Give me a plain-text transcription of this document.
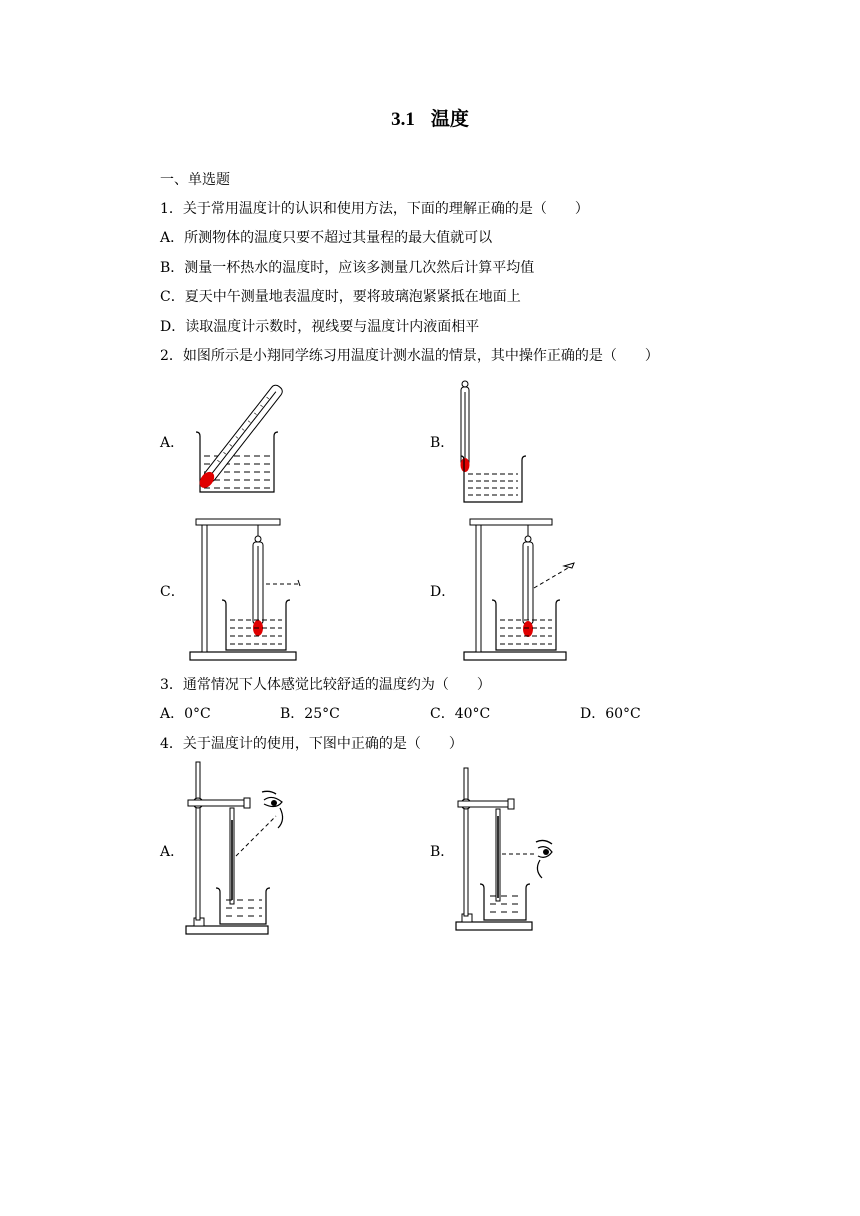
3.1 温度
一、单选题
1．关于常用温度计的认识和使用方法，下面的理解正确的是（　　）
A．所测物体的温度只要不超过其量程的最大值就可以
B．测量一杯热水的温度时，应该多测量几次然后计算平均值
C．夏天中午测量地表温度时，要将玻璃泡紧紧抵在地面上
D．读取温度计示数时，视线要与温度计内液面相平
2．如图所示是小翔同学练习用温度计测水温的情景，其中操作正确的是（　　）
A．	B．
C．	D．
3．通常情况下人体感觉比较舒适的温度约为（　　）
A．0°C	B．25°C	C．40°C	D．60°C
4．关于温度计的使用，下图中正确的是（　　）
A．	B．
